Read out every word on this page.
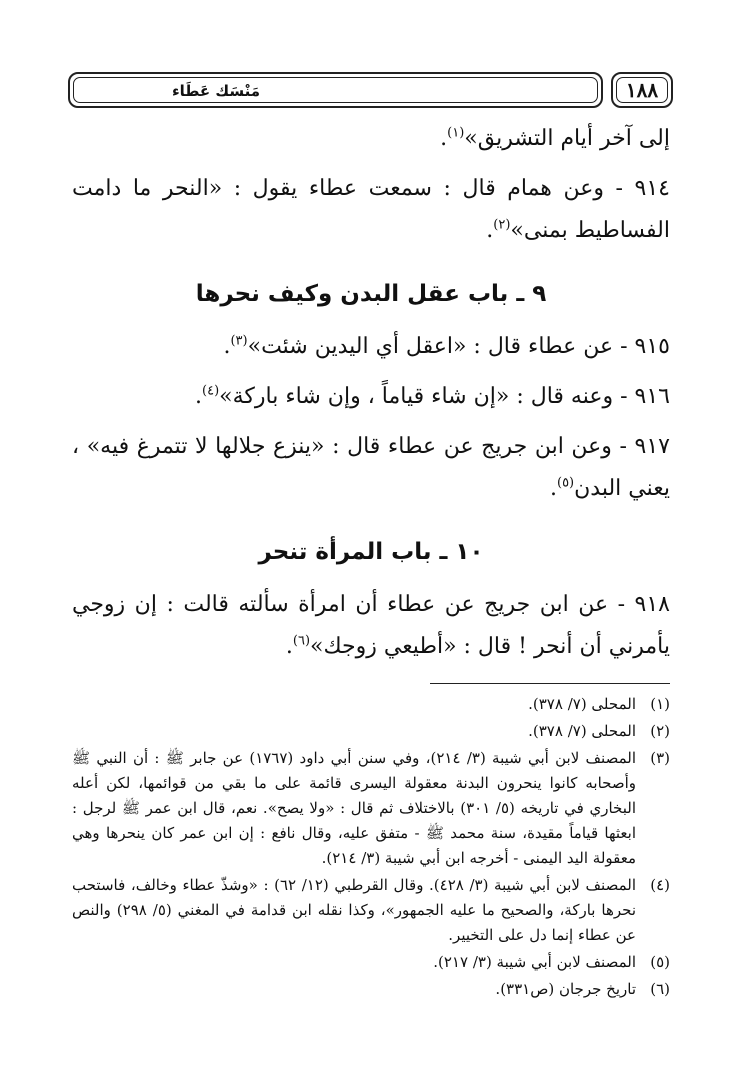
مَنْسَك عَطَاء	١٨٨

إلى آخر أيام التشريق»$^{(١)}$.

٩١٤ - وعن همام قال : سمعت عطاء يقول : «النحر ما دامت الفساطيط بمنى»$^{(٢)}$.

٩ ـ باب عقل البدن وكيف نحرها

٩١٥ - عن عطاء قال : «اعقل أي اليدين شئت»$^{(٣)}$.

٩١٦ - وعنه قال : «إن شاء قياماً ، وإن شاء باركة»$^{(٤)}$.

٩١٧ - وعن ابن جريج عن عطاء قال : «ينزع جلالها لا تتمرغ فيه» ، يعني البدن$^{(٥)}$.

١٠ ـ باب المرأة تنحر

٩١٨ - عن ابن جريج عن عطاء أن امرأة سألته قالت : إن زوجي يأمرني أن أنحر ! قال : «أطيعي زوجك»$^{(٦)}$.

(١)
المحلى (٧/ ٣٧٨).
(٢)
المحلى (٧/ ٣٧٨).
(٣)
المصنف لابن أبي شيبة (٣/ ٢١٤)، وفي سنن أبي داود (١٧٦٧) عن جابر ﷺ : أن النبي ﷺ وأصحابه كانوا ينحرون البدنة معقولة اليسرى قائمة على ما بقي من قوائمها، لكن أعله البخاري في تاريخه (٥/ ٣٠١) بالاختلاف ثم قال : «ولا يصح». نعم، قال ابن عمر ﷺ لرجل : ابعثها قياماً مقيدة، سنة محمد ﷺ - متفق عليه، وقال نافع : إن ابن عمر كان ينحرها وهي معقولة اليد اليمنى - أخرجه ابن أبي شيبة (٣/ ٢١٤).
(٤)
المصنف لابن أبي شيبة (٣/ ٤٢٨). وقال القرطبي (١٢/ ٦٢) : «وشذّ عطاء وخالف، فاستحب نحرها باركة، والصحيح ما عليه الجمهور»، وكذا نقله ابن قدامة في المغني (٥/ ٢٩٨) والنص عن عطاء إنما دل على التخيير.
(٥)
المصنف لابن أبي شيبة (٣/ ٢١٧).
(٦)
تاريخ جرجان (ص٣٣١).
